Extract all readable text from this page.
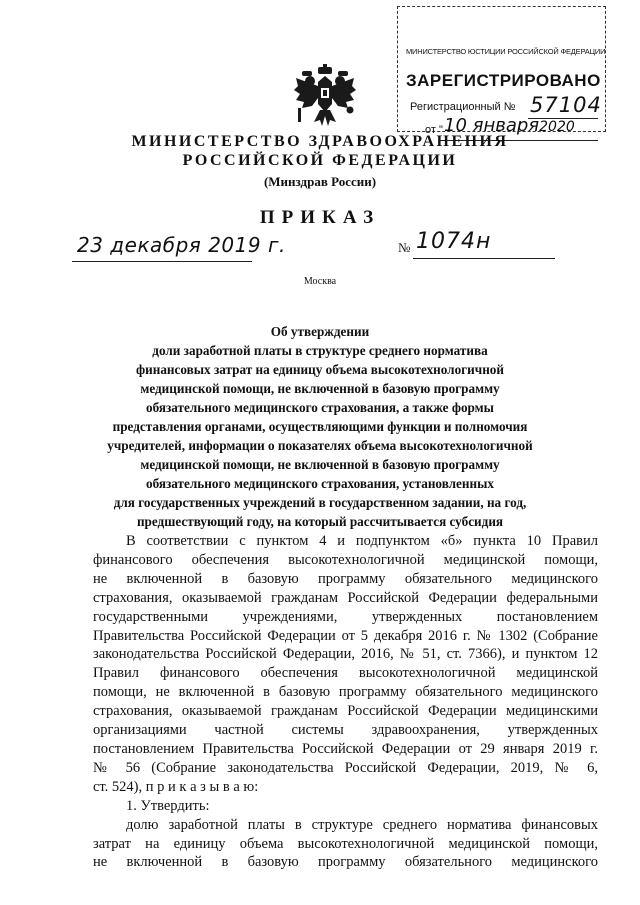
МИНИСТЕРСТВО ЮСТИЦИИ РОССИЙСКОЙ ФЕДЕРАЦИИ
ЗАРЕГИСТРИРОВАНО
Регистрационный № 57104
от " 10 января2020
МИНИСТЕРСТВО ЗДРАВООХРАНЕНИЯ
РОССИЙСКОЙ ФЕДЕРАЦИИ
(Минздрав России)
ПРИКАЗ
23 декабря 2019 г.	№ 1074н
Москва
Об утверждении
доли заработной платы в структуре среднего норматива
финансовых затрат на единицу объема высокотехнологичной
медицинской помощи, не включенной в базовую программу
обязательного медицинского страхования, а также формы
представления органами, осуществляющими функции и полномочия
учредителей, информации о показателях объема высокотехнологичной
медицинской помощи, не включенной в базовую программу
обязательного медицинского страхования, установленных
для государственных учреждений в государственном задании, на год,
предшествующий году, на который рассчитывается субсидия
В соответствии с пунктом 4 и подпунктом «б» пункта 10 Правил
финансового обеспечения высокотехнологичной медицинской помощи,
не включенной в базовую программу обязательного медицинского
страхования, оказываемой гражданам Российской Федерации федеральными
государственными учреждениями, утвержденных постановлением
Правительства Российской Федерации от 5 декабря 2016 г. № 1302 (Собрание
законодательства Российской Федерации, 2016, № 51, ст. 7366), и пунктом 12
Правил финансового обеспечения высокотехнологичной медицинской
помощи, не включенной в базовую программу обязательного медицинского
страхования, оказываемой гражданам Российской Федерации медицинскими
организациями частной системы здравоохранения, утвержденных
постановлением Правительства Российской Федерации от 29 января 2019 г.
№ 56 (Собрание законодательства Российской Федерации, 2019, № 6,
ст. 524), п р и к а з ы в а ю:
1. Утвердить:
долю заработной платы в структуре среднего норматива финансовых
затрат на единицу объема высокотехнологичной медицинской помощи,
не включенной в базовую программу обязательного медицинского
